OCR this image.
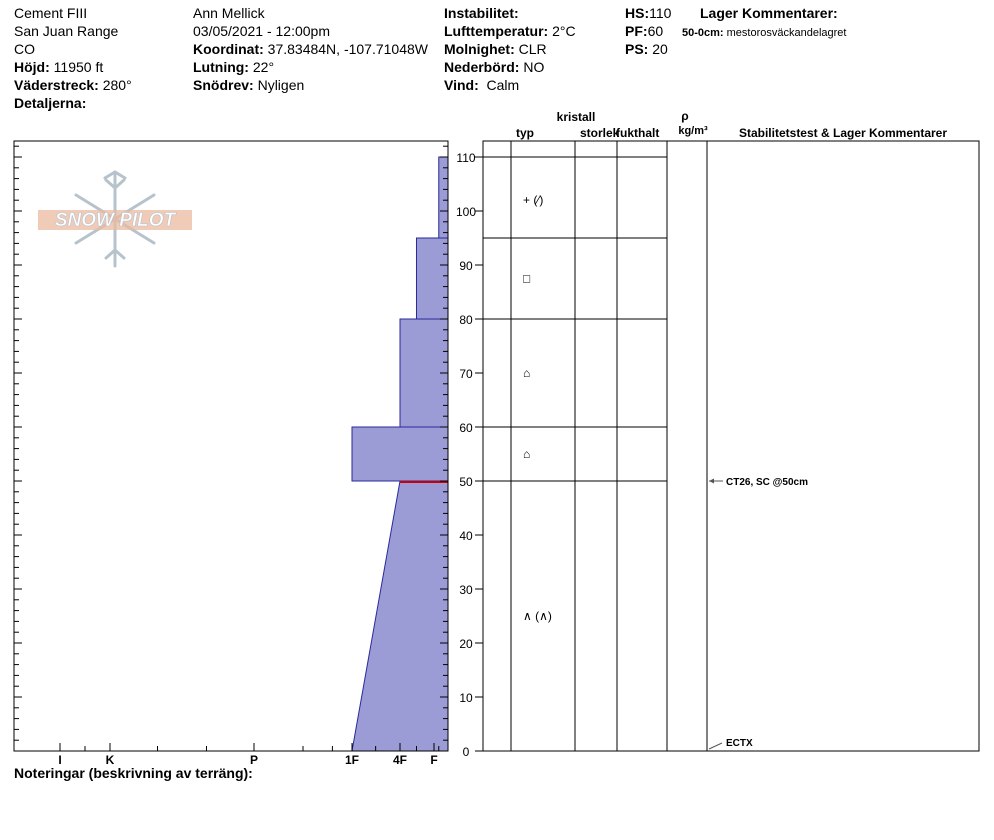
Cement FIII
San Juan Range
CO
Höjd: 11950 ft
Väderstreck: 280°
Detaljerna:
Ann Mellick
03/05/2021 - 12:00pm
Koordinat: 37.83484N, -107.71048W
Lutning: 22°
Snödrev: Nyligen
Instabilitet:
Lufttemperatur: 2°C
Molnighet: CLR
Nederbörd: NO
Vind: Calm
HS:110
PF:60
PS: 20
Lager Kommentarer:
50-0cm: mestorosväckandelagret
SNOW PILOT
0
10
20
30
40
50
60
70
80
90
100
110
I	K	P	1F	4F F
+ (⁄)
□
⌂
⌂
∧ (∧)
CT26, SC @50cm
ECTX
kristall
typ	storlek
fukthalt
ρ
kg/m³	Stabilitetstest & Lager Kommentarer
Noteringar (beskrivning av terräng):
